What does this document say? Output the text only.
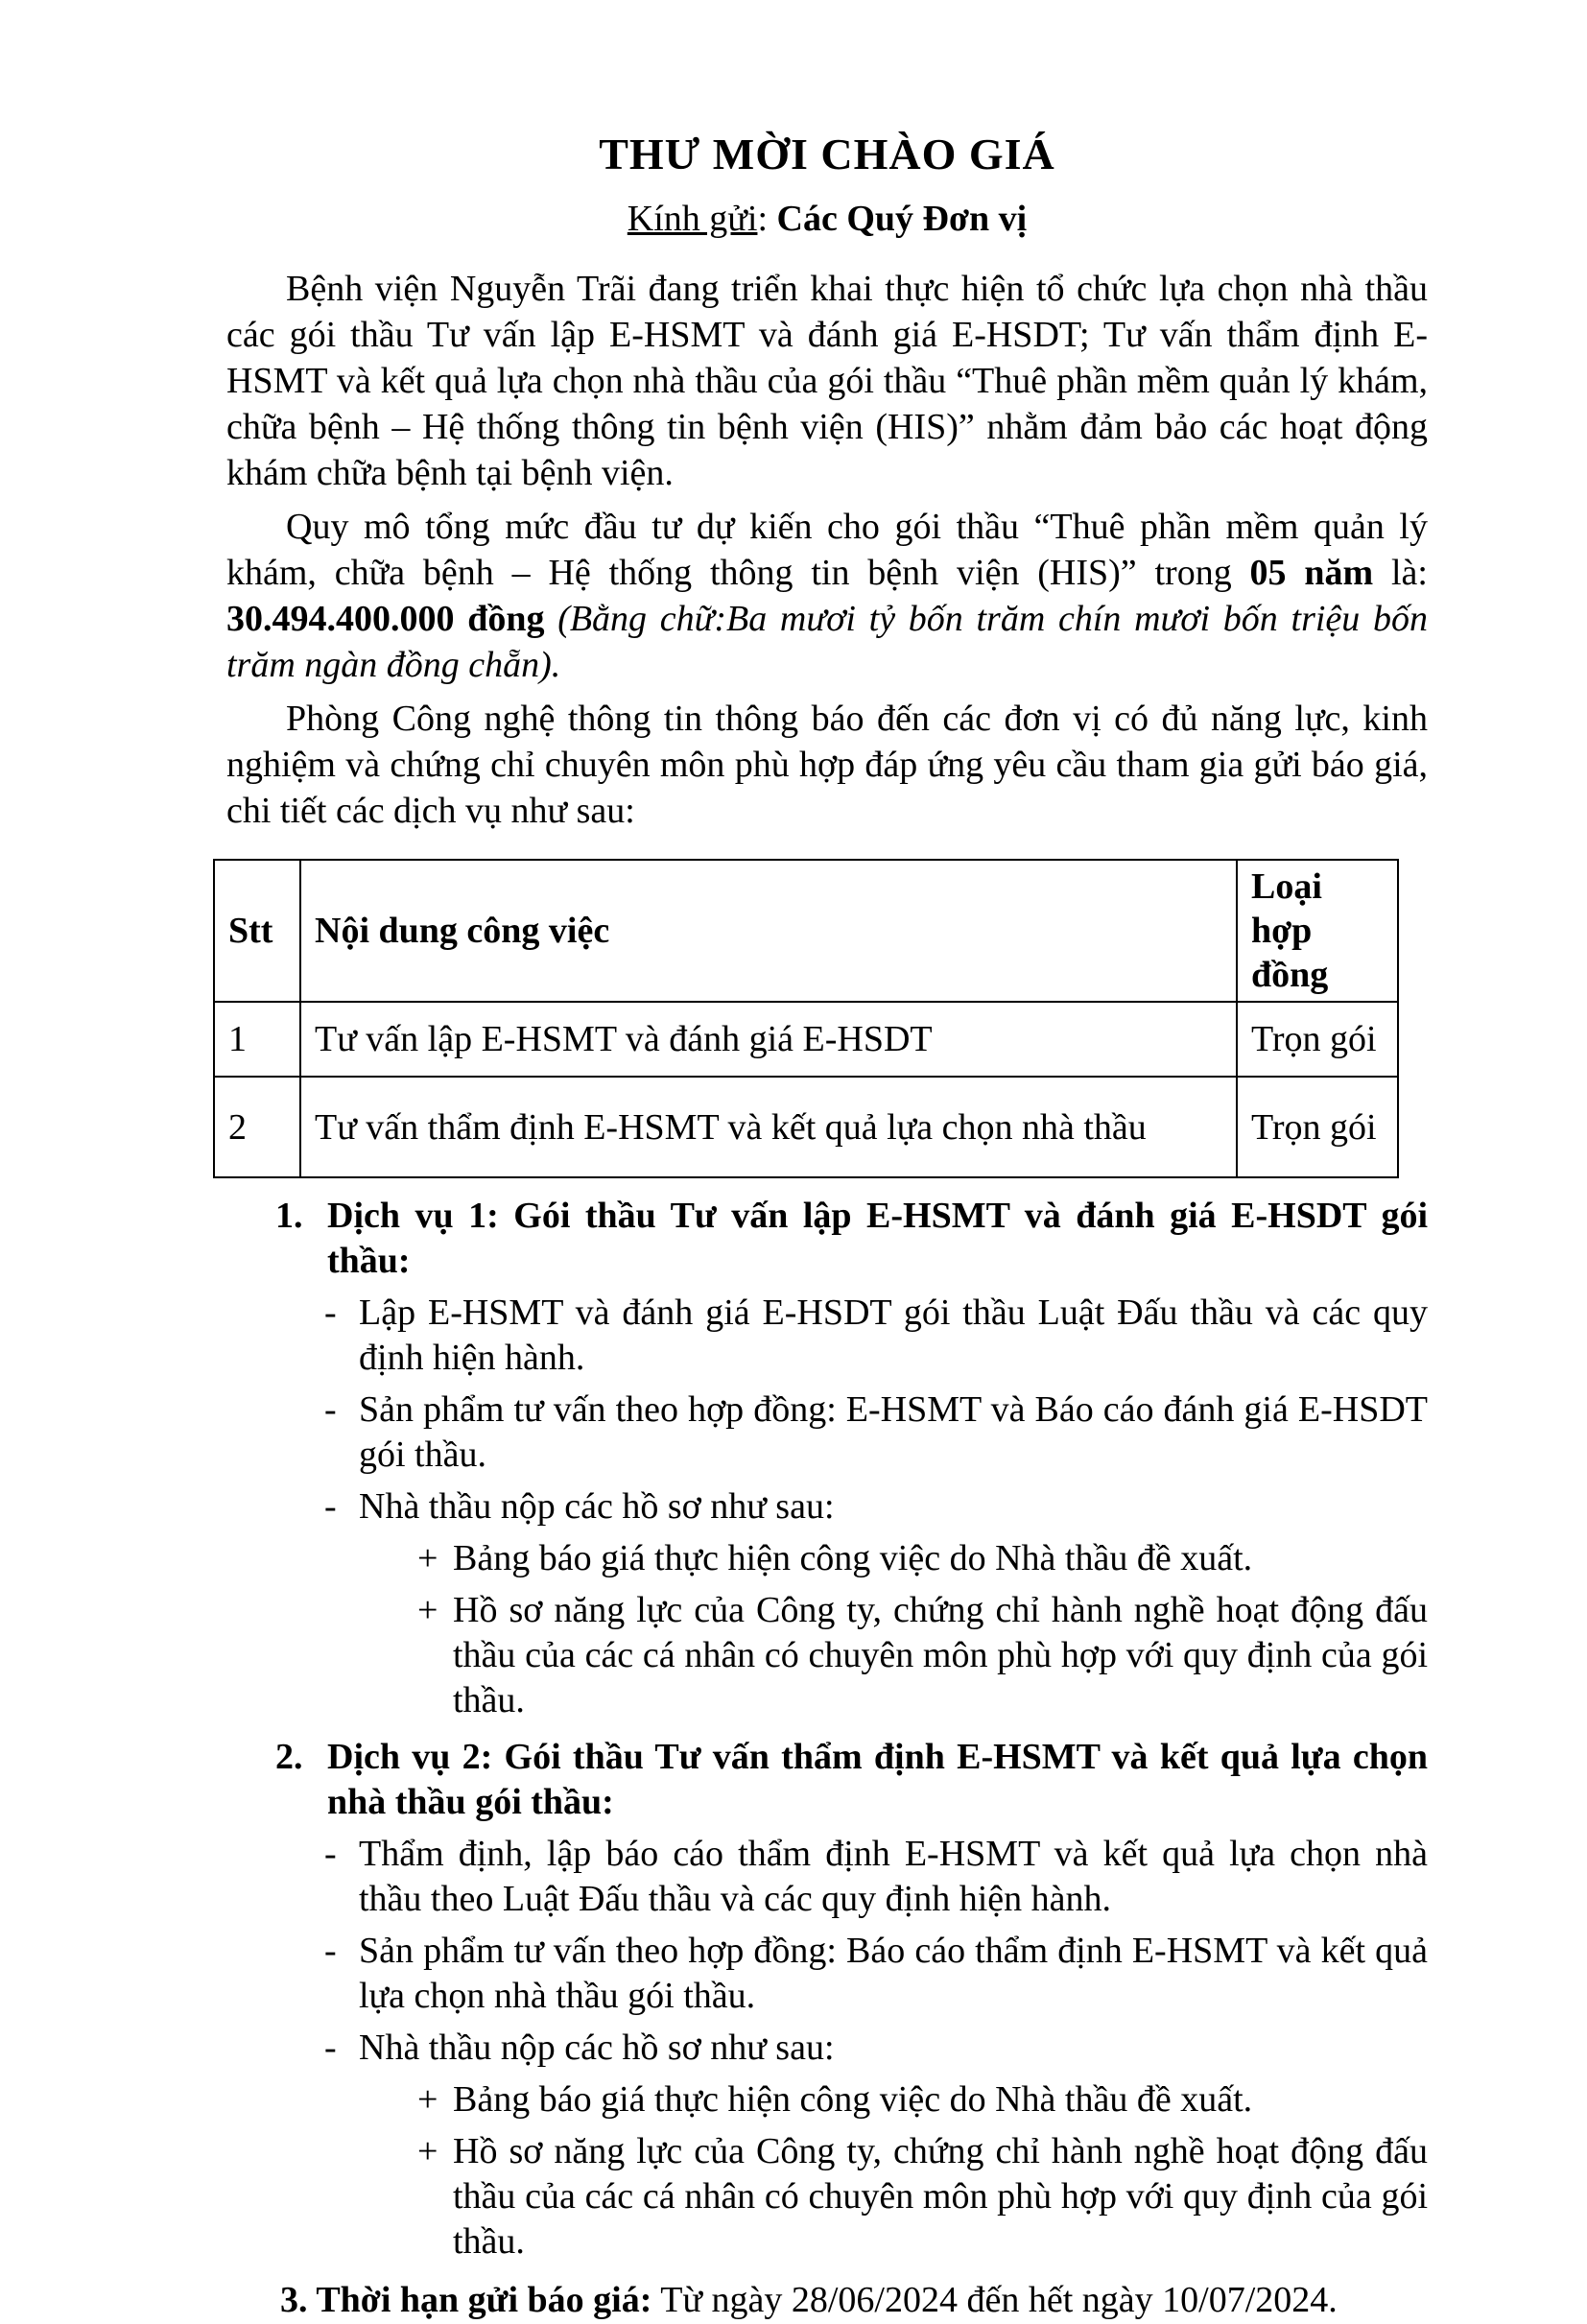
THƯ MỜI CHÀO GIÁ
Kính gửi: Các Quý Đơn vị

Bệnh viện Nguyễn Trãi đang triển khai thực hiện tổ chức lựa chọn nhà thầu các gói thầu Tư vấn lập E-HSMT và đánh giá E-HSDT; Tư vấn thẩm định E-HSMT và kết quả lựa chọn nhà thầu của gói thầu “Thuê phần mềm quản lý khám, chữa bệnh – Hệ thống thông tin bệnh viện (HIS)” nhằm đảm bảo các hoạt động khám chữa bệnh tại bệnh viện.

Quy mô tổng mức đầu tư dự kiến cho gói thầu “Thuê phần mềm quản lý khám, chữa bệnh – Hệ thống thông tin bệnh viện (HIS)” trong 05 năm là: 30.494.400.000 đồng (Bằng chữ:Ba mươi tỷ bốn trăm chín mươi bốn triệu bốn trăm ngàn đồng chẵn).

Phòng Công nghệ thông tin thông báo đến các đơn vị có đủ năng lực, kinh nghiệm và chứng chỉ chuyên môn phù hợp đáp ứng yêu cầu tham gia gửi báo giá, chi tiết các dịch vụ như sau:

Stt	Nội dung công việc	Loại hợp đồng
1	Tư vấn lập E-HSMT và đánh giá E-HSDT	Trọn gói
2	Tư vấn thẩm định E-HSMT và kết quả lựa chọn nhà thầu	Trọn gói
1. Dịch vụ 1: Gói thầu Tư vấn lập E-HSMT và đánh giá E-HSDT gói thầu:
- Lập E-HSMT và đánh giá E-HSDT gói thầu Luật Đấu thầu và các quy định hiện hành.
- Sản phẩm tư vấn theo hợp đồng: E-HSMT và Báo cáo đánh giá E-HSDT gói thầu.
- Nhà thầu nộp các hồ sơ như sau:
+ Bảng báo giá thực hiện công việc do Nhà thầu đề xuất.
+ Hồ sơ năng lực của Công ty, chứng chỉ hành nghề hoạt động đấu thầu của các cá nhân có chuyên môn phù hợp với quy định của gói thầu.
2. Dịch vụ 2: Gói thầu Tư vấn thẩm định E-HSMT và kết quả lựa chọn nhà thầu gói thầu:
- Thẩm định, lập báo cáo thẩm định E-HSMT và kết quả lựa chọn nhà thầu theo Luật Đấu thầu và các quy định hiện hành.
- Sản phẩm tư vấn theo hợp đồng: Báo cáo thẩm định E-HSMT và kết quả lựa chọn nhà thầu gói thầu.
- Nhà thầu nộp các hồ sơ như sau:
+ Bảng báo giá thực hiện công việc do Nhà thầu đề xuất.
+ Hồ sơ năng lực của Công ty, chứng chỉ hành nghề hoạt động đấu thầu của các cá nhân có chuyên môn phù hợp với quy định của gói thầu.
3. Thời hạn gửi báo giá: Từ ngày 28/06/2024 đến hết ngày 10/07/2024.
